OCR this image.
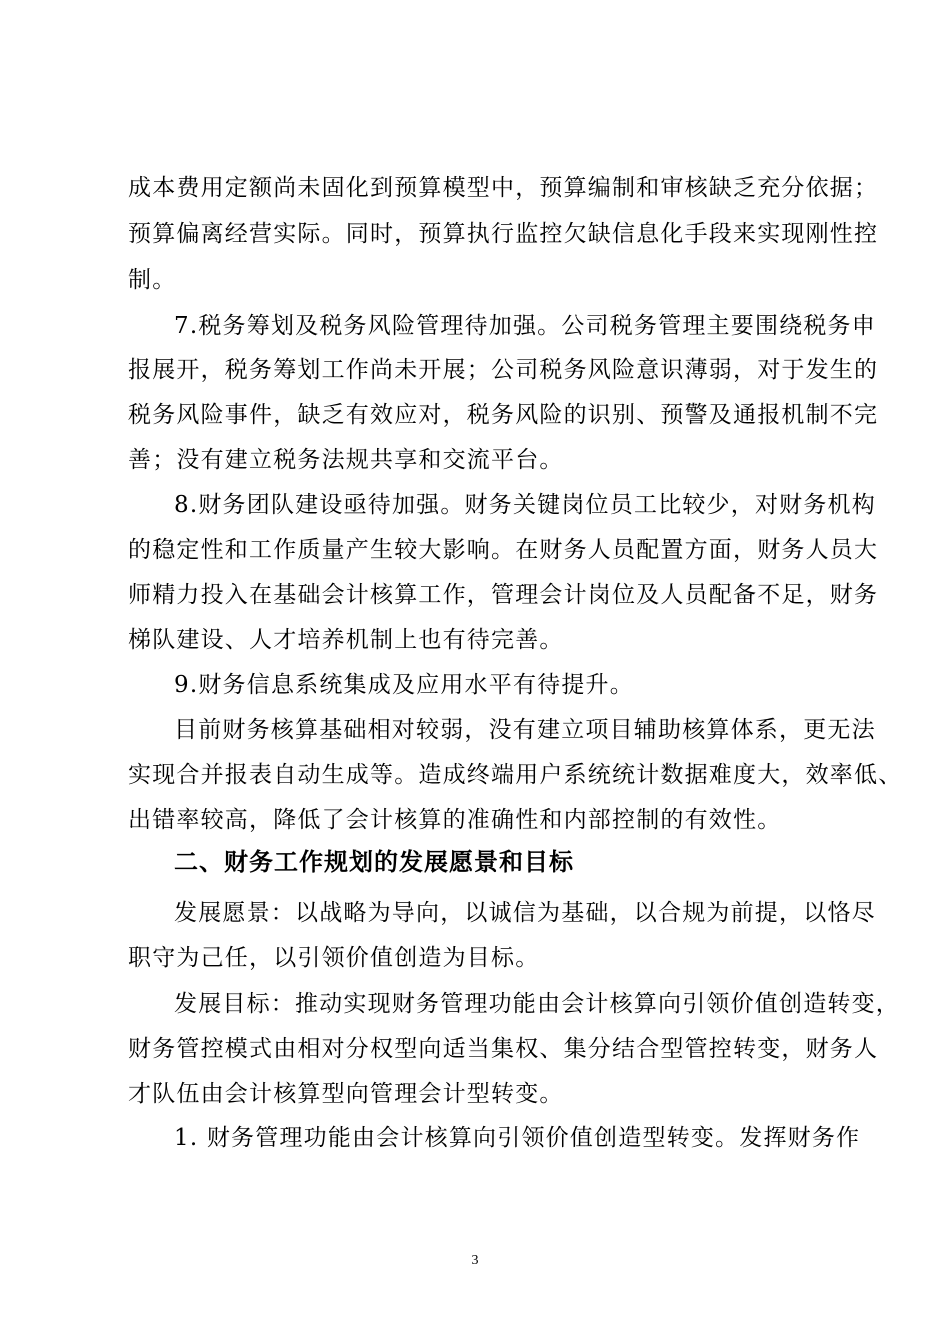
成本费用定额尚未固化到预算模型中，预算编制和审核缺乏充分依据；
预算偏离经营实际。同时，预算执行监控欠缺信息化手段来实现刚性控
制。
7.税务筹划及税务风险管理待加强。公司税务管理主要围绕税务申
报展开，税务筹划工作尚未开展；公司税务风险意识薄弱，对于发生的
税务风险事件，缺乏有效应对，税务风险的识别、预警及通报机制不完
善；没有建立税务法规共享和交流平台。
8.财务团队建设亟待加强。财务关键岗位员工比较少，对财务机构
的稳定性和工作质量产生较大影响。在财务人员配置方面，财务人员大
师精力投入在基础会计核算工作，管理会计岗位及人员配备不足，财务
梯队建设、人才培养机制上也有待完善。
9.财务信息系统集成及应用水平有待提升。
目前财务核算基础相对较弱，没有建立项目辅助核算体系，更无法
实现合并报表自动生成等。造成终端用户系统统计数据难度大，效率低、
出错率较高，降低了会计核算的准确性和内部控制的有效性。
二、财务工作规划的发展愿景和目标
发展愿景：以战略为导向，以诚信为基础，以合规为前提，以恪尽
职守为己任，以引领价值创造为目标。
发展目标：推动实现财务管理功能由会计核算向引领价值创造转变，
财务管控模式由相对分权型向适当集权、集分结合型管控转变，财务人
才队伍由会计核算型向管理会计型转变。
1. 财务管理功能由会计核算向引领价值创造型转变。发挥财务作
3
